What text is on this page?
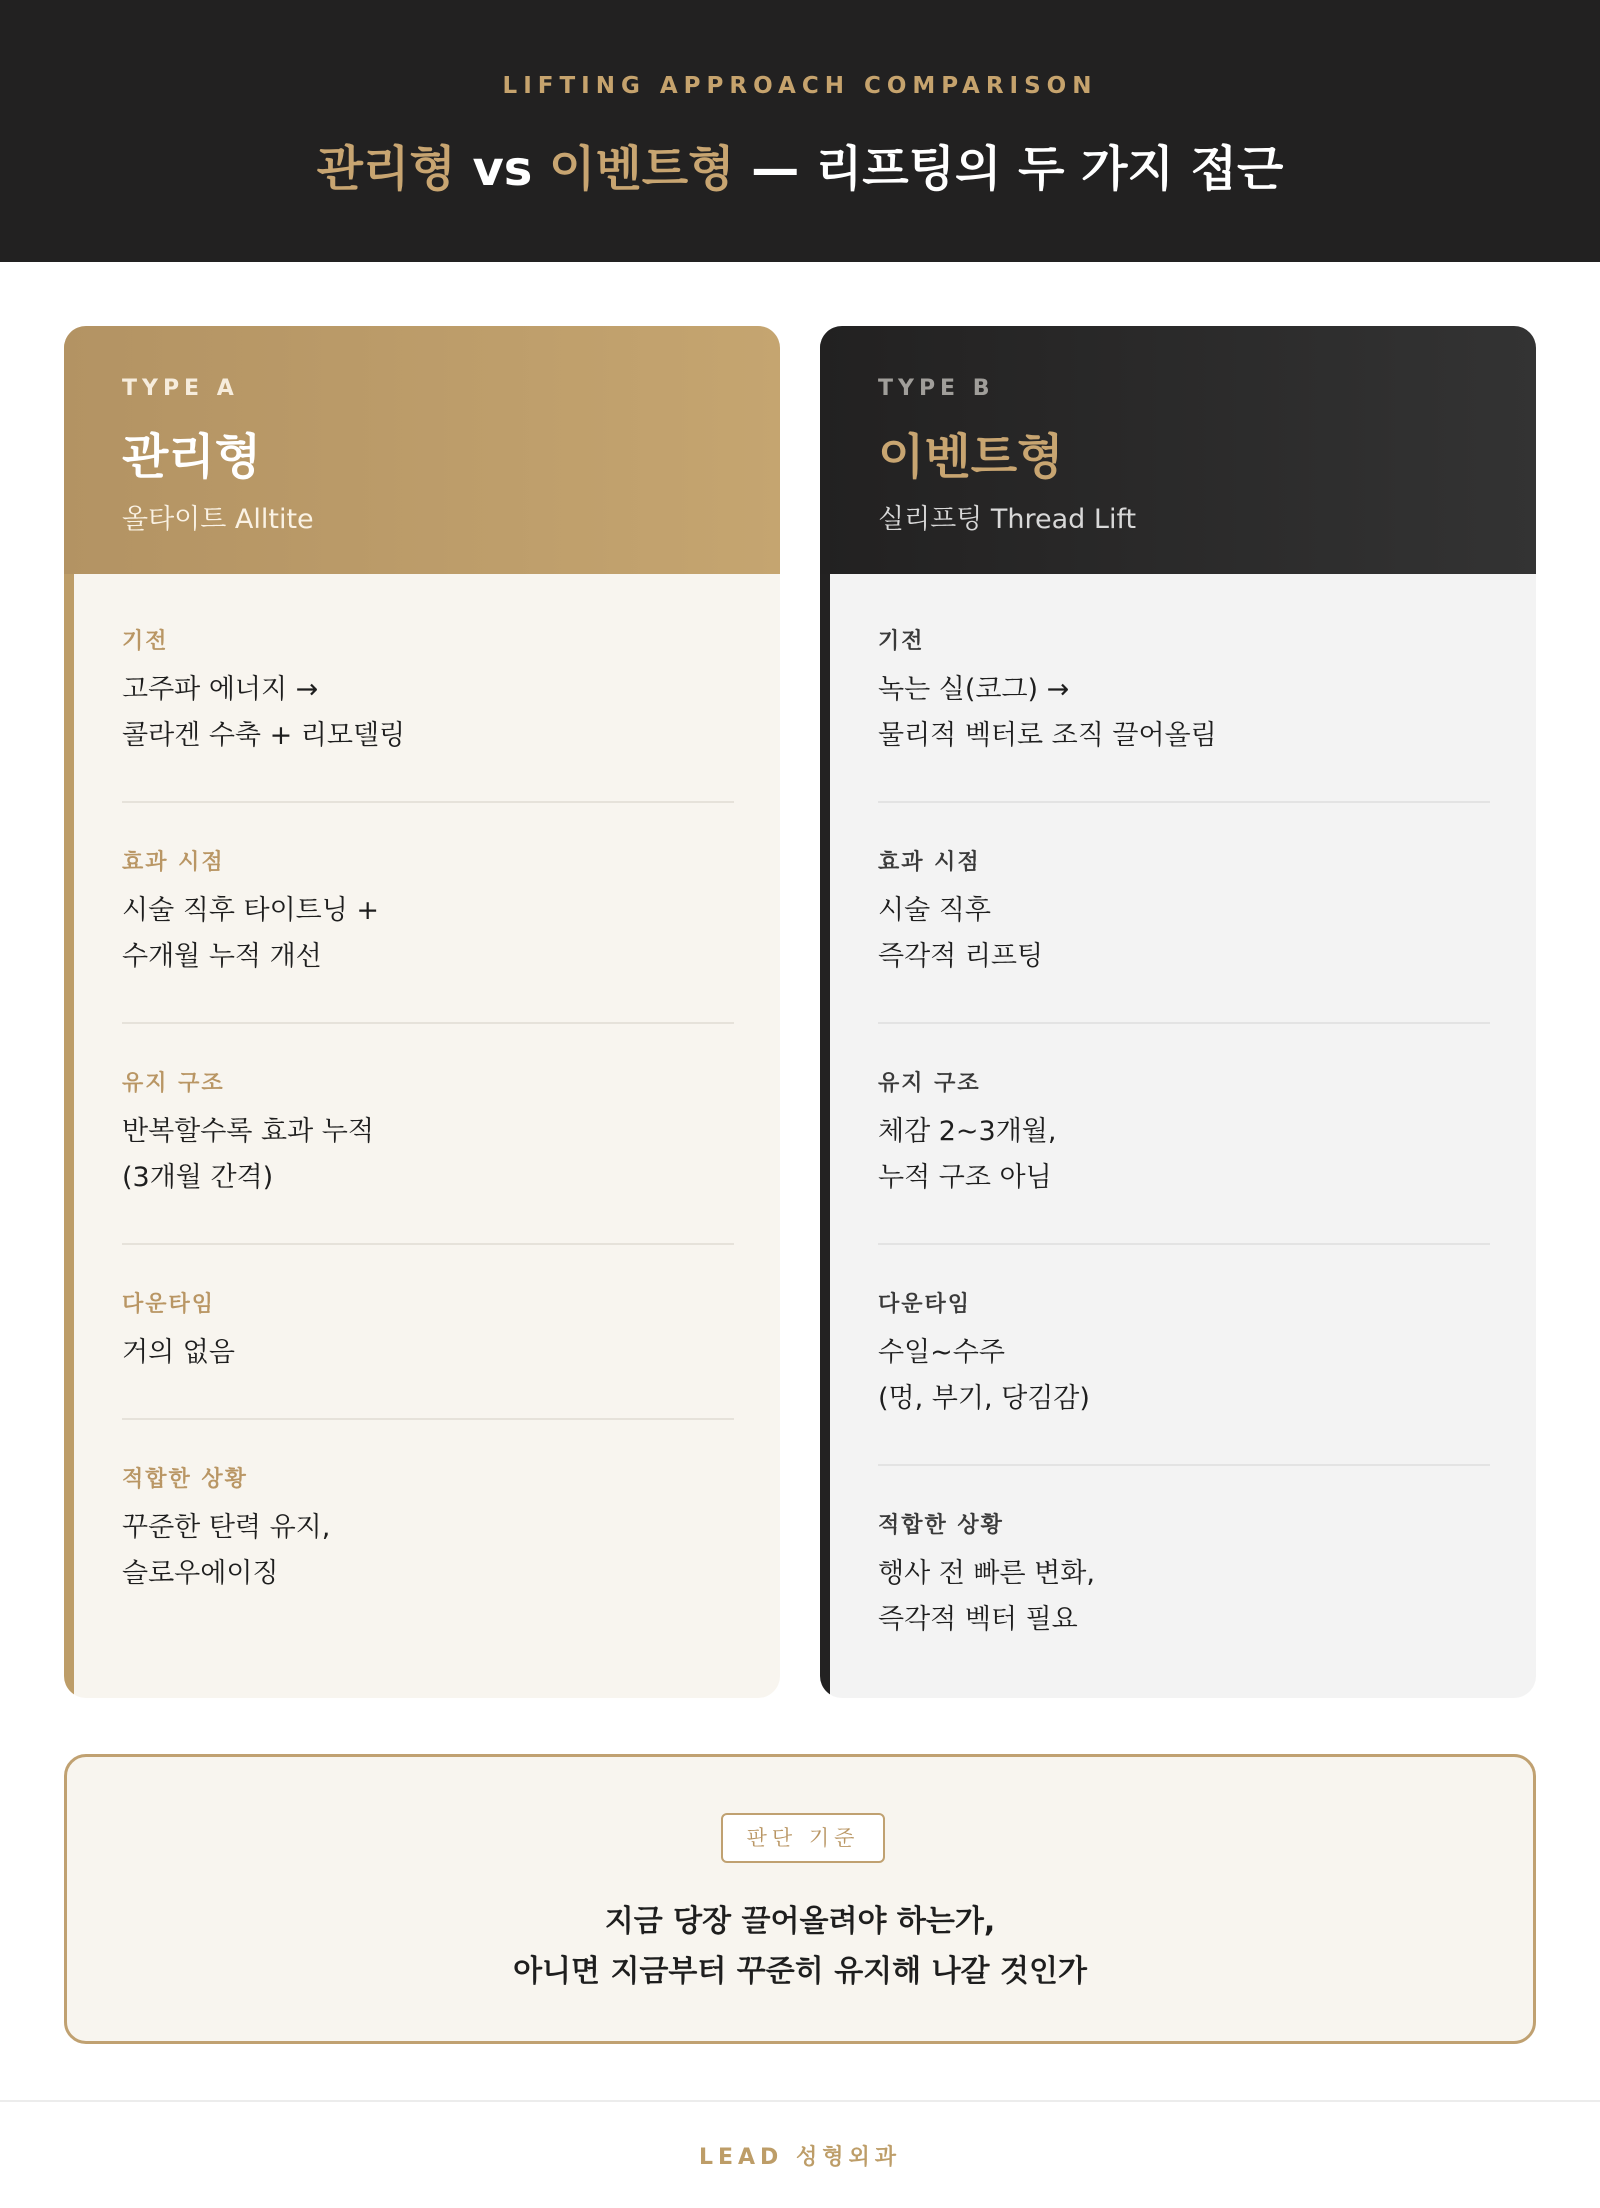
LIFTING APPROACH COMPARISON
관리형 vs 이벤트형 — 리프팅의 두 가지 접근
TYPE A
관리형
올타이트 Alltite
기전
고주파 에너지 →
콜라겐 수축 + 리모델링
효과 시점
시술 직후 타이트닝 +
수개월 누적 개선
유지 구조
반복할수록 효과 누적
(3개월 간격)
다운타임
거의 없음
적합한 상황
꾸준한 탄력 유지,
슬로우에이징
TYPE B
이벤트형
실리프팅 Thread Lift
기전
녹는 실(코그) →
물리적 벡터로 조직 끌어올림
효과 시점
시술 직후
즉각적 리프팅
유지 구조
체감 2~3개월,
누적 구조 아님
다운타임
수일~수주
(멍, 부기, 당김감)
적합한 상황
행사 전 빠른 변화,
즉각적 벡터 필요
판단 기준
지금 당장 끌어올려야 하는가,
아니면 지금부터 꾸준히 유지해 나갈 것인가
LEAD 성형외과
